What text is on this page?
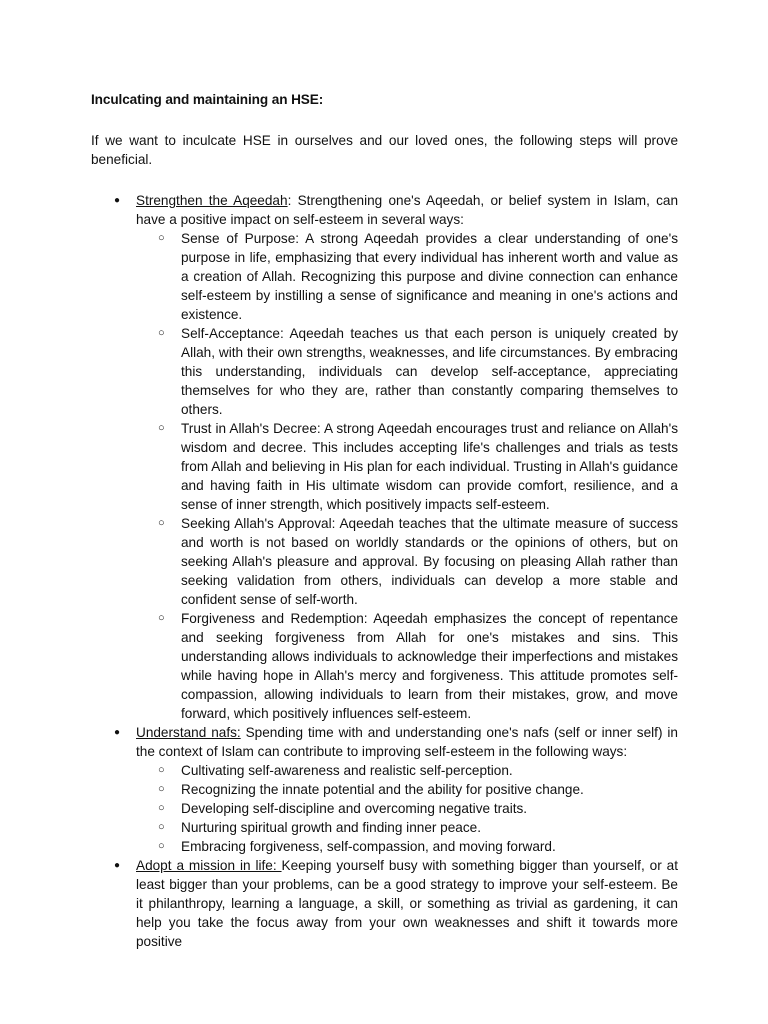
Inculcating and maintaining an HSE:
If we want to inculcate HSE in ourselves and our loved ones, the following steps will prove beneficial.
● Strengthen the Aqeedah: Strengthening one's Aqeedah, or belief system in Islam, can have a positive impact on self-esteem in several ways:
○	Sense of Purpose: A strong Aqeedah provides a clear understanding of one's purpose in life, emphasizing that every individual has inherent worth and value as a creation of Allah. Recognizing this purpose and divine connection can enhance self-esteem by instilling a sense of significance and meaning in one's actions and existence.
○	Self-Acceptance: Aqeedah teaches us that each person is uniquely created by Allah, with their own strengths, weaknesses, and life circumstances. By embracing this understanding, individuals can develop self-acceptance, appreciating themselves for who they are, rather than constantly comparing themselves to others.
○	Trust in Allah's Decree: A strong Aqeedah encourages trust and reliance on Allah's wisdom and decree. This includes accepting life's challenges and trials as tests from Allah and believing in His plan for each individual. Trusting in Allah's guidance and having faith in His ultimate wisdom can provide comfort, resilience, and a sense of inner strength, which positively impacts self-esteem.
○	Seeking Allah's Approval: Aqeedah teaches that the ultimate measure of success and worth is not based on worldly standards or the opinions of others, but on seeking Allah's pleasure and approval. By focusing on pleasing Allah rather than seeking validation from others, individuals can develop a more stable and confident sense of self-worth.
○	Forgiveness and Redemption: Aqeedah emphasizes the concept of repentance and seeking forgiveness from Allah for one's mistakes and sins. This understanding allows individuals to acknowledge their imperfections and mistakes while having hope in Allah's mercy and forgiveness. This attitude promotes self-compassion, allowing individuals to learn from their mistakes, grow, and move forward, which positively influences self-esteem.
● Understand nafs: Spending time with and understanding one's nafs (self or inner self) in the context of Islam can contribute to improving self-esteem in the following ways:
○	Cultivating self-awareness and realistic self-perception.
○	Recognizing the innate potential and the ability for positive change.
○	Developing self-discipline and overcoming negative traits.
○	Nurturing spiritual growth and finding inner peace.
○	Embracing forgiveness, self-compassion, and moving forward.
● Adopt a mission in life: Keeping yourself busy with something bigger than yourself, or at least bigger than your problems, can be a good strategy to improve your self-esteem. Be it philanthropy, learning a language, a skill, or something as trivial as gardening, it can help you take the focus away from your own weaknesses and shift it towards more positive
